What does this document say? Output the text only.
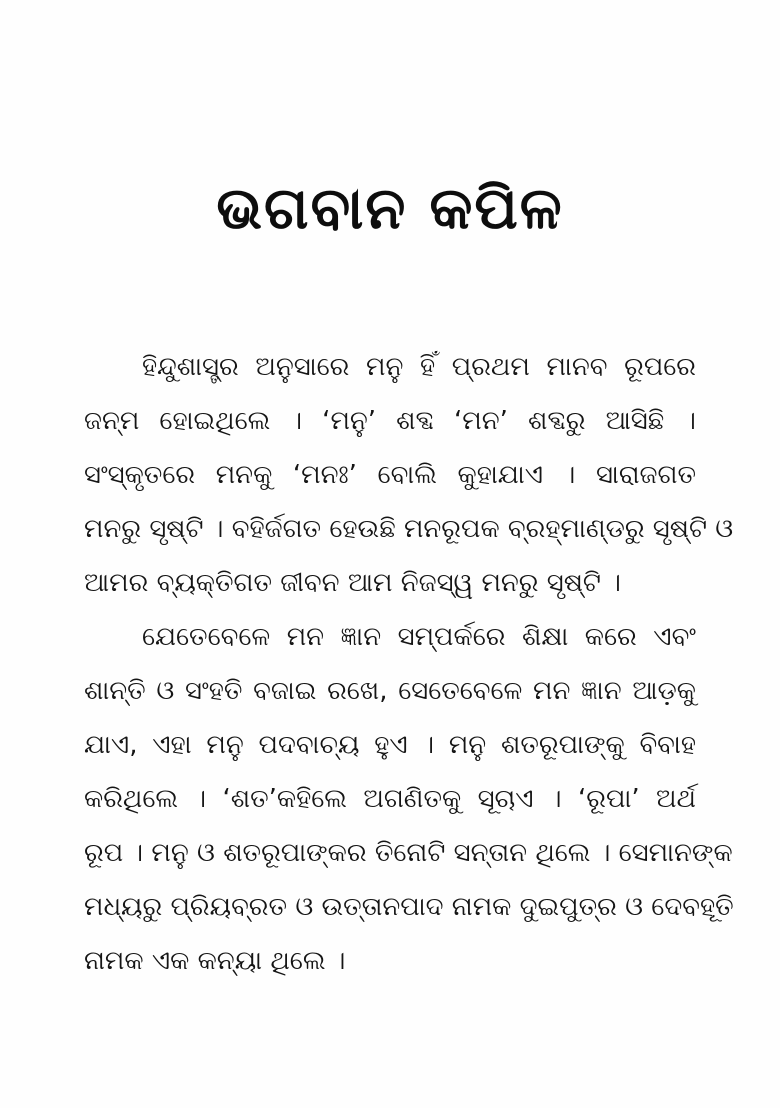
ଭଗବାନ କପିଳ
ହିନ୍ଦୁଶାସ୍ତ୍ର ଅନୁସାରେ ମନୁ ହିଁ ପ୍ରଥମ ମାନବ ରୂପରେ
ଜନ୍ମ ହୋଇଥିଲେ । ‘ମନୁ’ ଶବ୍ଦ ‘ମନ’ ଶବ୍ଦରୁ ଆସିଛି ।
ସଂସ୍କୃତରେ ମନକୁ ‘ମନଃ’ ବୋଲି କୁହାଯାଏ । ସାରାଜଗତ
ମନରୁ ସୃଷ୍ଟି । ବହିର୍ଜଗତ ହେଉଛି ମନରୂପକ ବ୍ରହ୍ମାଣ୍ଡରୁ ସୃଷ୍ଟି ଓ
ଆମର ବ୍ୟକ୍ତିଗତ ଜୀବନ ଆମ ନିଜସ୍ୱ ମନରୁ ସୃଷ୍ଟି ।
ଯେତେବେଳେ ମନ ଜ୍ଞାନ ସମ୍ପର୍କରେ ଶିକ୍ଷା କରେ ଏବଂ
ଶାନ୍ତି ଓ ସଂହତି ବଜାଇ ରଖେ, ସେତେବେଳେ ମନ ଜ୍ଞାନ ଆଡ଼କୁ
ଯାଏ, ଏହା ମନୁ ପଦବାଚ୍ୟ ହୁଏ । ମନୁ ଶତରୂପାଙ୍କୁ ବିବାହ
କରିଥିଲେ । ‘ଶତ’କହିଲେ ଅଗଣିତକୁ ସୂଚାଏ । ‘ରୂପା’ ଅର୍ଥ
ରୂପ । ମନୁ ଓ ଶତରୂପାଙ୍କର ତିନୋଟି ସନ୍ତାନ ଥିଲେ । ସେମାନଙ୍କ
ମଧ୍ୟରୁ ପ୍ରିୟବ୍ରତ ଓ ଉତ୍ତାନପାଦ ନାମକ ଦୁଇପୁତ୍ର ଓ ଦେବହୂତି
ନାମକ ଏକ କନ୍ୟା ଥିଲେ ।
